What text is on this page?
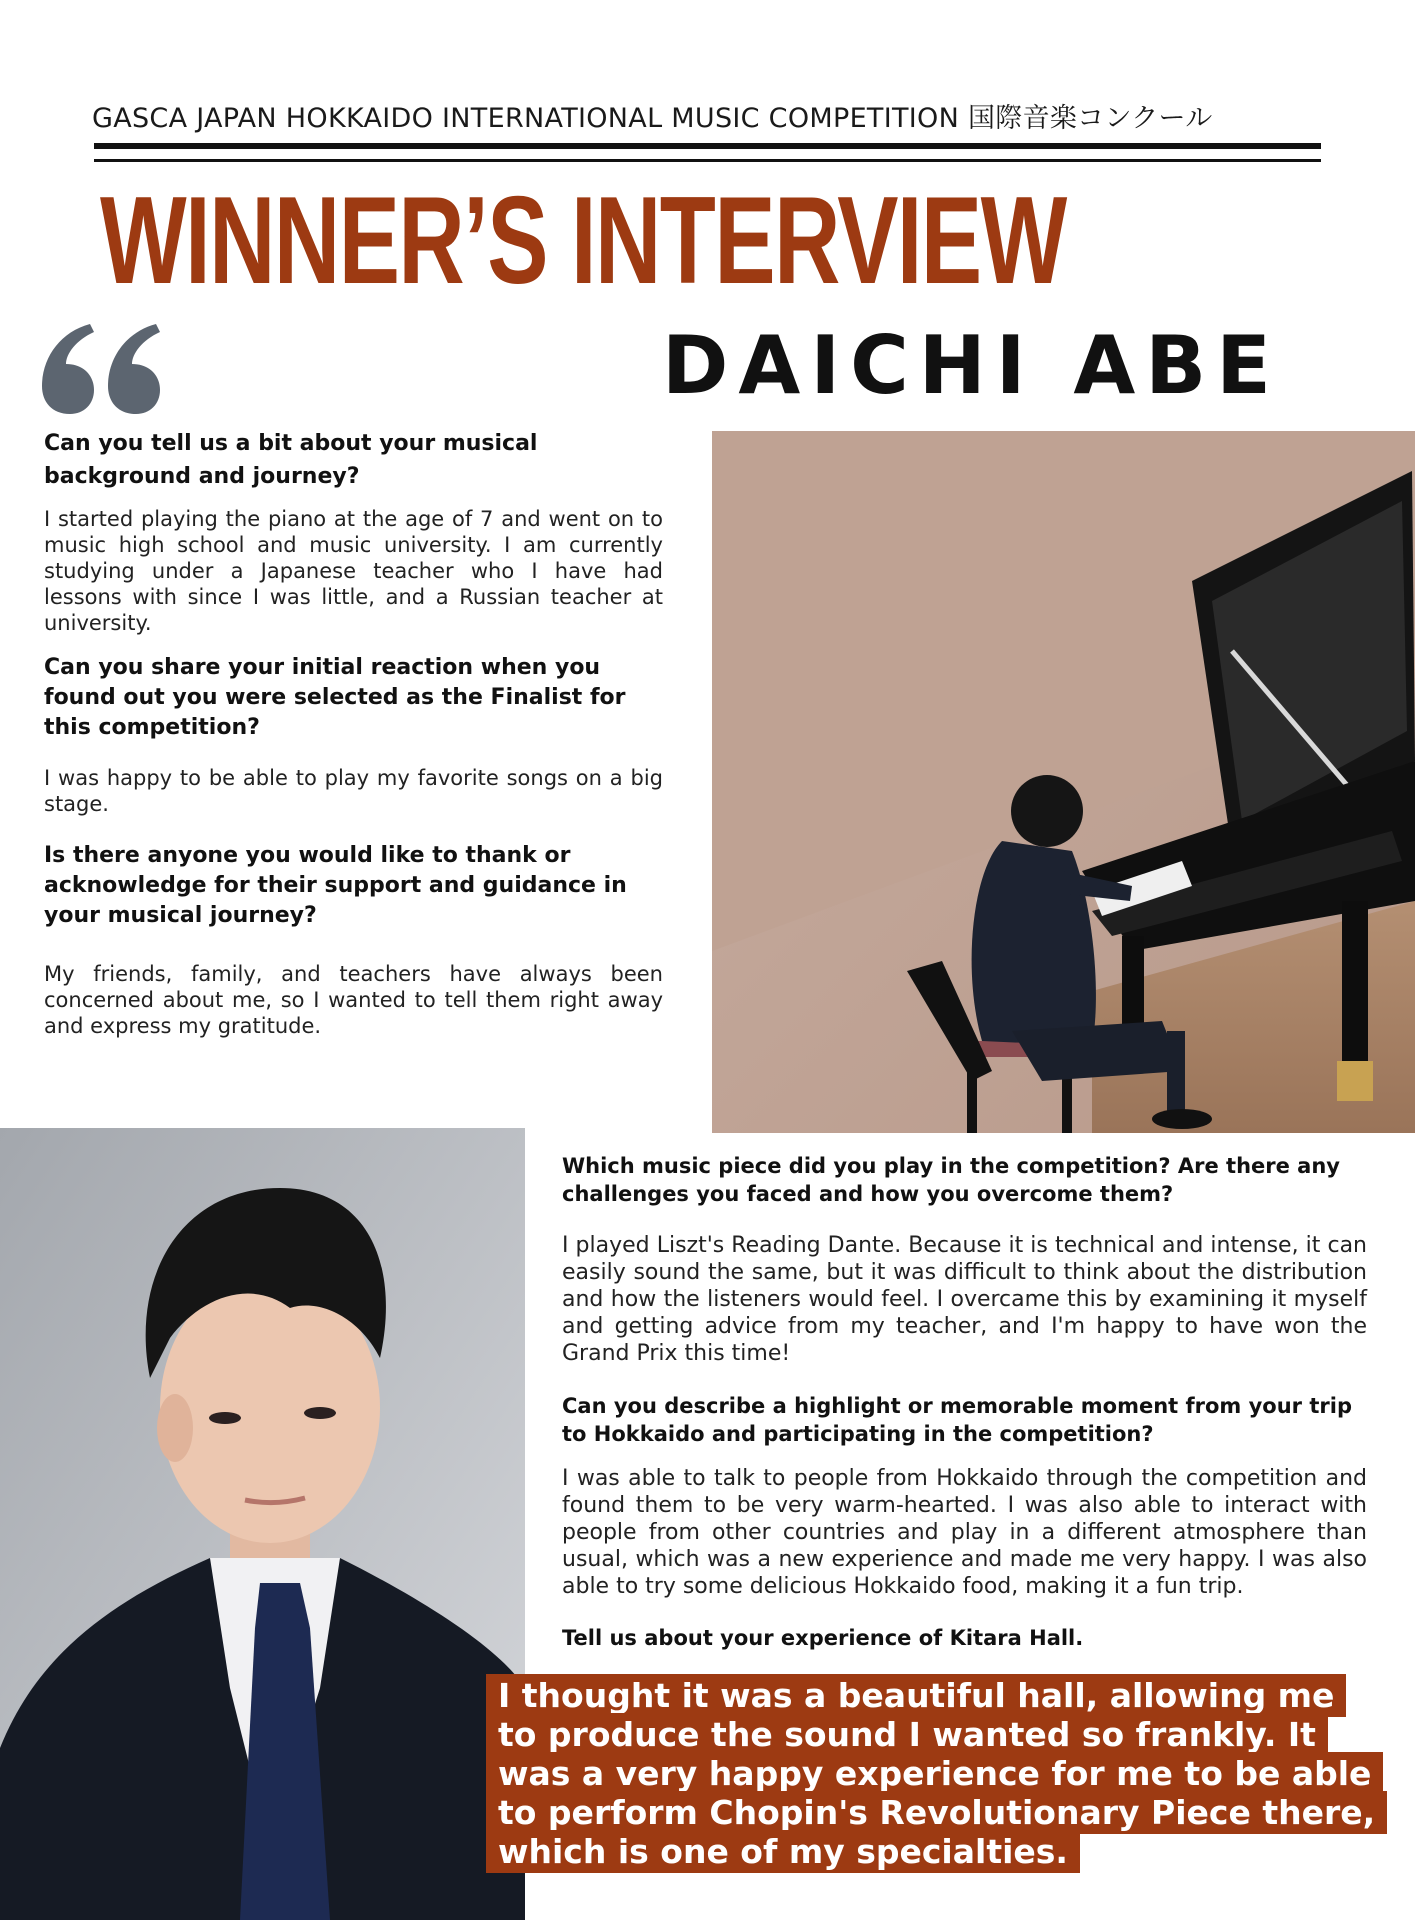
GASCA JAPAN HOKKAIDO INTERNATIONAL MUSIC COMPETITION 国際音楽コンクール
WINNER’S INTERVIEW
DAICHI ABE
Can you tell us a bit about your musical background and journey?
I started playing the piano at the age of 7 and went on to music high school and music university. I am currently studying under a Japanese teacher who I have had lessons with since I was little, and a Russian teacher at university.
Can you share your initial reaction when you found out you were selected as the Finalist for this competition?
I was happy to be able to play my favorite songs on a big stage.
Is there anyone you would like to thank or acknowledge for their support and guidance in your musical journey?
My friends, family, and teachers have always been concerned about me, so I wanted to tell them right away and express my gratitude.
Which music piece did you play in the competition? Are there any challenges you faced and how you overcome them?
I played Liszt's Reading Dante. Because it is technical and intense, it can easily sound the same, but it was difficult to think about the distribution and how the listeners would feel. I overcame this by examining it myself and getting advice from my teacher, and I'm happy to have won the Grand Prix this time!
Can you describe a highlight or memorable moment from your trip to Hokkaido and participating in the competition?
I was able to talk to people from Hokkaido through the competition and found them to be very warm-hearted. I was also able to interact with people from other countries and play in a different atmosphere than usual, which was a new experience and made me very happy. I was also able to try some delicious Hokkaido food, making it a fun trip.
Tell us about your experience of Kitara Hall.
I thought it was a beautiful hall, allowing me to produce the sound I wanted so frankly. It was a very happy experience for me to be able to perform Chopin's Revolutionary Piece there, which is one of my specialties.
